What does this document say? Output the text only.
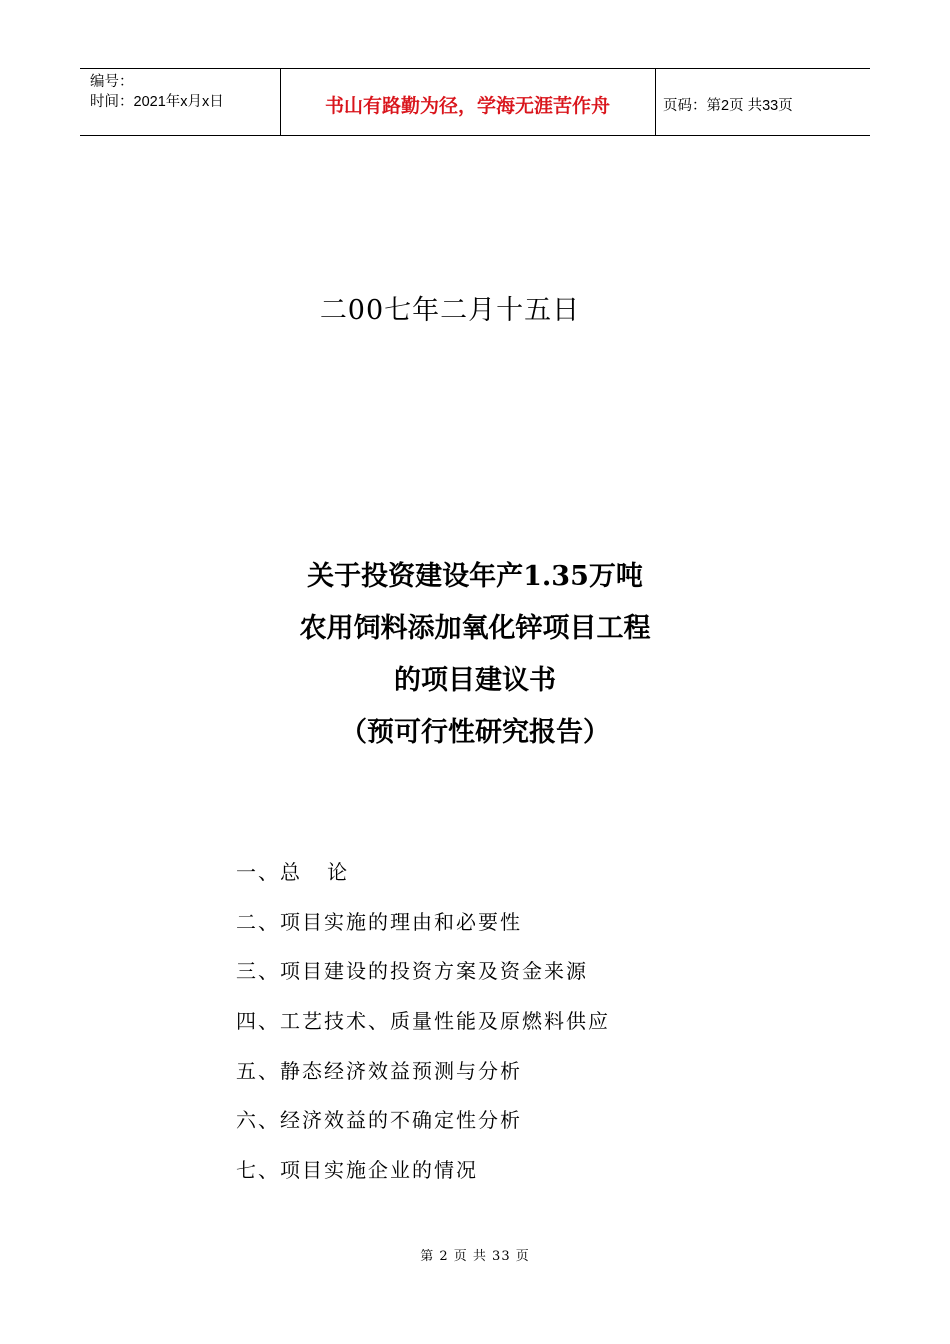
编号：
时间：2021年x月x日	书山有路勤为径，学海无涯苦作舟	页码：第2页 共33页
二00七年二月十五日
关于投资建设年产1.35万吨
农用饲料添加氧化锌项目工程
的项目建议书
（预可行性研究报告）
一、总   论
二、项目实施的理由和必要性
三、项目建设的投资方案及资金来源
四、工艺技术、质量性能及原燃料供应
五、静态经济效益预测与分析
六、经济效益的不确定性分析
七、项目实施企业的情况
第 2 页 共 33 页
